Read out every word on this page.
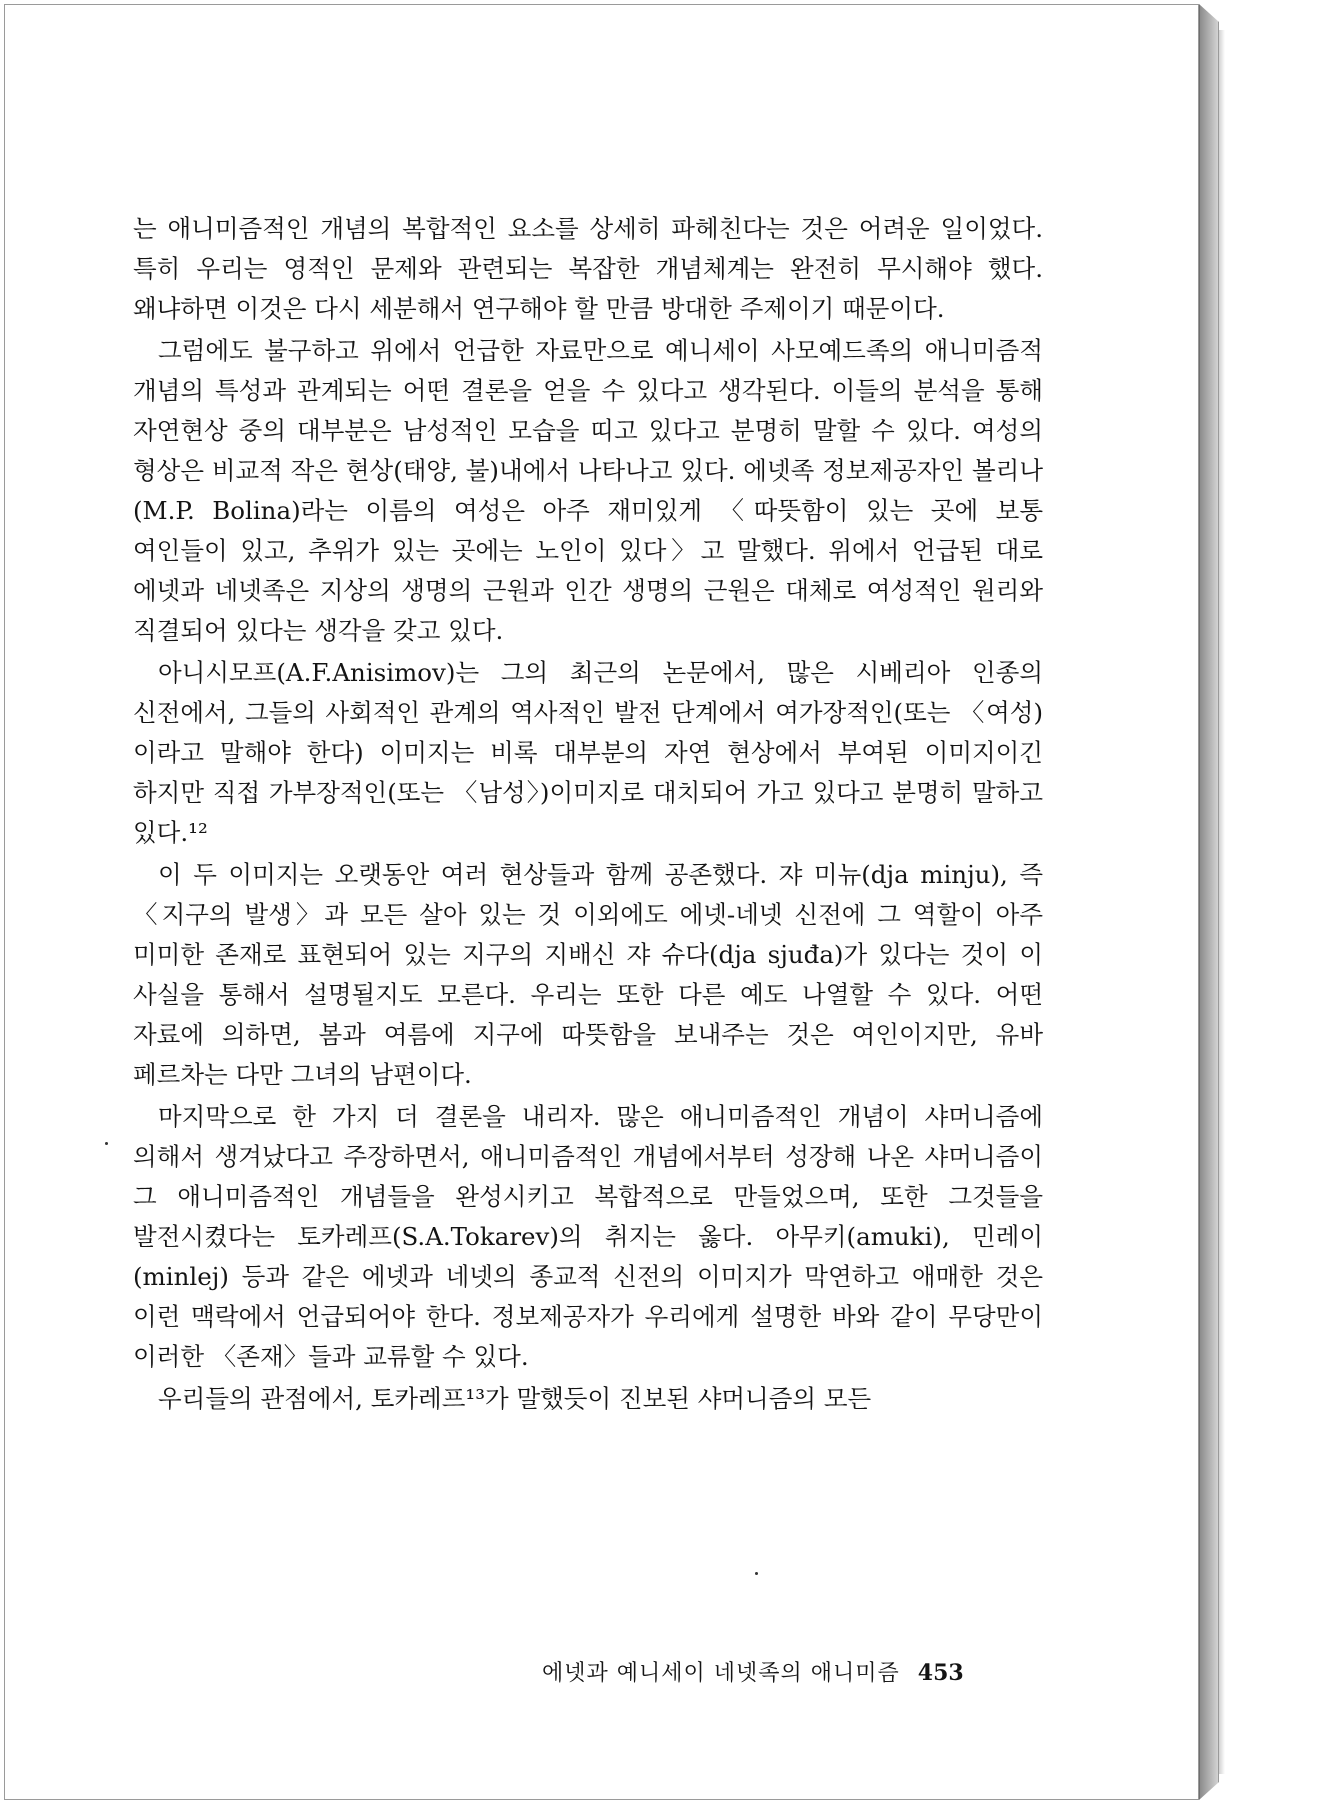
는 애니미즘적인 개념의 복합적인 요소를 상세히 파헤친다는 것은 어려운 일이었다. 특히 우리는 영적인 문제와 관련되는 복잡한 개념체계는 완전히 무시해야 했다. 왜냐하면 이것은 다시 세분해서 연구해야 할 만큼 방대한 주제이기 때문이다.

그럼에도 불구하고 위에서 언급한 자료만으로 예니세이 사모예드족의 애니미즘적 개념의 특성과 관계되는 어떤 결론을 얻을 수 있다고 생각된다. 이들의 분석을 통해 자연현상 중의 대부분은 남성적인 모습을 띠고 있다고 분명히 말할 수 있다. 여성의 형상은 비교적 작은 현상(태양, 불)내에서 나타나고 있다. 에넷족 정보제공자인 볼리나(M.P. Bolina)라는 이름의 여성은 아주 재미있게 〈따뜻함이 있는 곳에 보통 여인들이 있고, 추위가 있는 곳에는 노인이 있다〉고 말했다. 위에서 언급된 대로 에넷과 네넷족은 지상의 생명의 근원과 인간 생명의 근원은 대체로 여성적인 원리와 직결되어 있다는 생각을 갖고 있다.

아니시모프(A.F.Anisimov)는 그의 최근의 논문에서, 많은 시베리아 인종의 신전에서, 그들의 사회적인 관계의 역사적인 발전 단계에서 여가장적인(또는 〈여성)이라고 말해야 한다) 이미지는 비록 대부분의 자연 현상에서 부여된 이미지이긴 하지만 직접 가부장적인(또는 〈남성〉)이미지로 대치되어 가고 있다고 분명히 말하고 있다.¹²

이 두 이미지는 오랫동안 여러 현상들과 함께 공존했다. 쟈 미뉴(dja minju), 즉 〈지구의 발생〉과 모든 살아 있는 것 이외에도 에넷-네넷 신전에 그 역할이 아주 미미한 존재로 표현되어 있는 지구의 지배신 쟈 슈다(dja sjuđa)가 있다는 것이 이 사실을 통해서 설명될지도 모른다. 우리는 또한 다른 예도 나열할 수 있다. 어떤 자료에 의하면, 봄과 여름에 지구에 따뜻함을 보내주는 것은 여인이지만, 유바 페르차는 다만 그녀의 남편이다.

마지막으로 한 가지 더 결론을 내리자. 많은 애니미즘적인 개념이 샤머니즘에 의해서 생겨났다고 주장하면서, 애니미즘적인 개념에서부터 성장해 나온 샤머니즘이 그 애니미즘적인 개념들을 완성시키고 복합적으로 만들었으며, 또한 그것들을 발전시켰다는 토카레프(S.A.Tokarev)의 취지는 옳다. 아무키(amuki), 민레이(minlej) 등과 같은 에넷과 네넷의 종교적 신전의 이미지가 막연하고 애매한 것은 이런 맥락에서 언급되어야 한다. 정보제공자가 우리에게 설명한 바와 같이 무당만이 이러한 〈존재〉들과 교류할 수 있다.

우리들의 관점에서, 토카레프¹³가 말했듯이 진보된 샤머니즘의 모든

에넷과 예니세이 네넷족의 애니미즘 453
